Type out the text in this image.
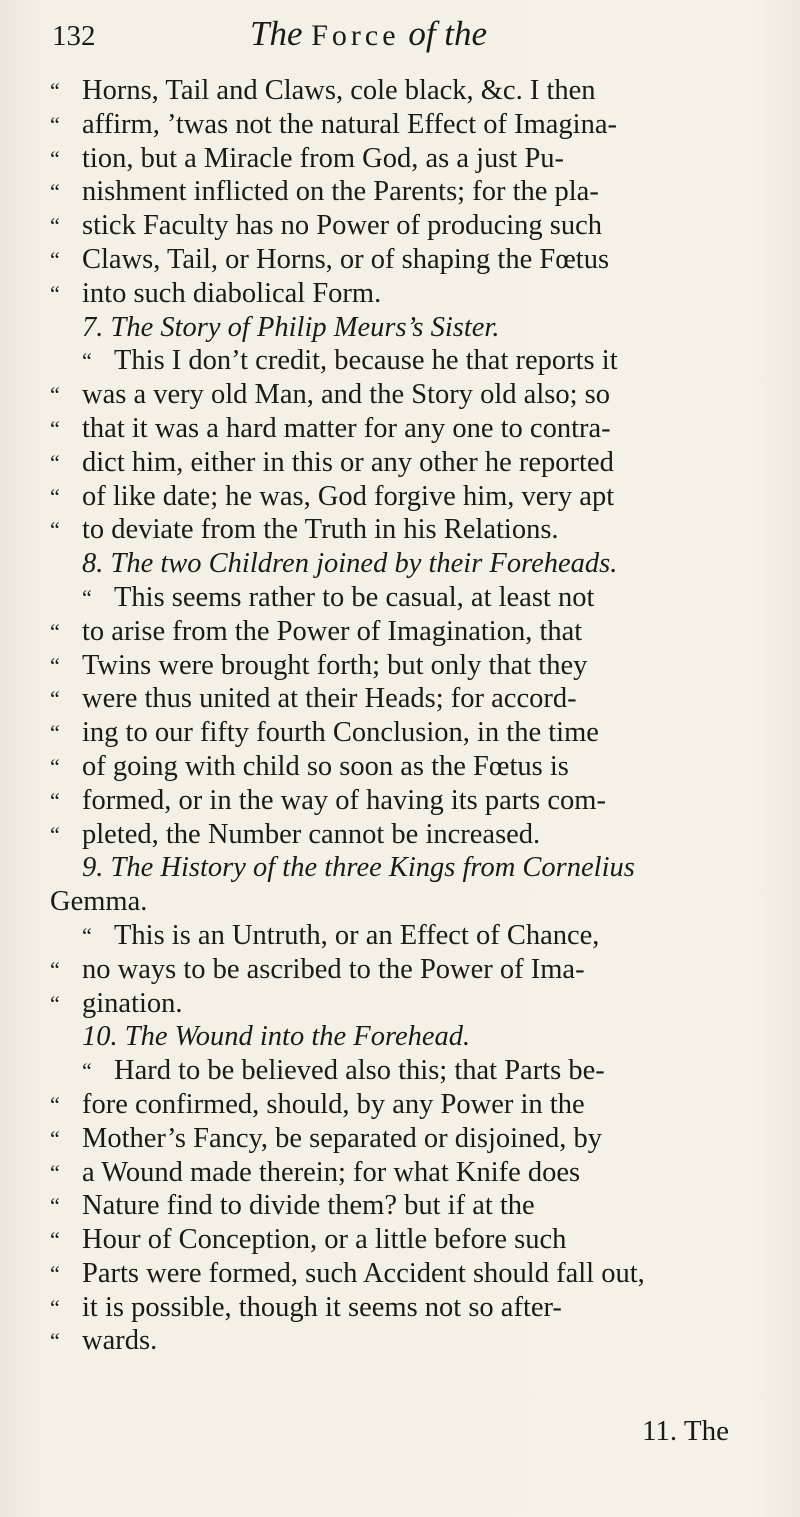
132	The Force of the
“ Horns, Tail and Claws, cole black, &c. I then
“ affirm, ’twas not the natural Effect of Imagina-
“ tion, but a Miracle from God, as a just Pu-
“ nishment inflicted on the Parents; for the pla-
“ stick Faculty has no Power of producing such
“ Claws, Tail, or Horns, or of shaping the Fœtus
“ into such diabolical Form.
7. The Story of Philip Meurs’s Sister.
“ This I don’t credit, because he that reports it
“ was a very old Man, and the Story old also; so
“ that it was a hard matter for any one to contra-
“ dict him, either in this or any other he reported
“ of like date; he was, God forgive him, very apt
“ to deviate from the Truth in his Relations.
8. The two Children joined by their Foreheads.
“ This seems rather to be casual, at least not
“ to arise from the Power of Imagination, that
“ Twins were brought forth; but only that they
“ were thus united at their Heads; for accord-
“ ing to our fifty fourth Conclusion, in the time
“ of going with child so soon as the Fœtus is
“ formed, or in the way of having its parts com-
“ pleted, the Number cannot be increased.
9. The History of the three Kings from Cornelius
Gemma.
“ This is an Untruth, or an Effect of Chance,
“ no ways to be ascribed to the Power of Ima-
“ gination.
10. The Wound into the Forehead.
“ Hard to be believed also this; that Parts be-
“ fore confirmed, should, by any Power in the
“ Mother’s Fancy, be separated or disjoined, by
“ a Wound made therein; for what Knife does
“ Nature find to divide them? but if at the
“ Hour of Conception, or a little before such
“ Parts were formed, such Accident should fall out,
“ it is possible, though it seems not so after-
“ wards.
11. The
